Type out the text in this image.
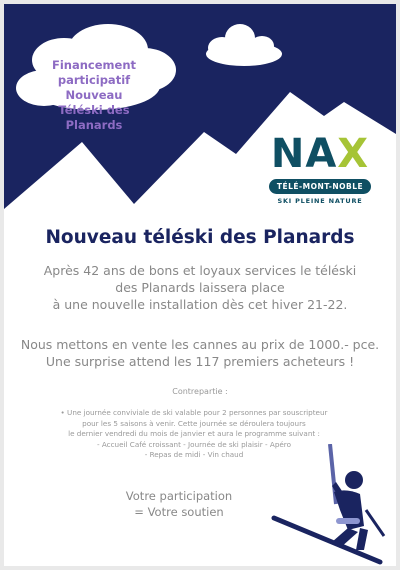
Financement
participatif Nouveau
Téléski des Planards
NAX
TÉLÉ-MONT-NOBLE
SKI PLEINE NATURE
Nouveau téléski des Planards
Après 42 ans de bons et loyaux services le téléski
des Planards laissera place
à une nouvelle installation dès cet hiver 21-22.
Nous mettons en vente les cannes au prix de 1000.- pce.
Une surprise attend les 117 premiers acheteurs !
Contrepartie :
• Une journée conviviale de ski valable pour 2 personnes par souscripteur
pour les 5 saisons à venir. Cette journée se déroulera toujours
le dernier vendredi du mois de janvier et aura le programme suivant :
- Accueil Café croissant - Journée de ski plaisir - Apéro
- Repas de midi - Vin chaud
Votre participation
= Votre soutien
